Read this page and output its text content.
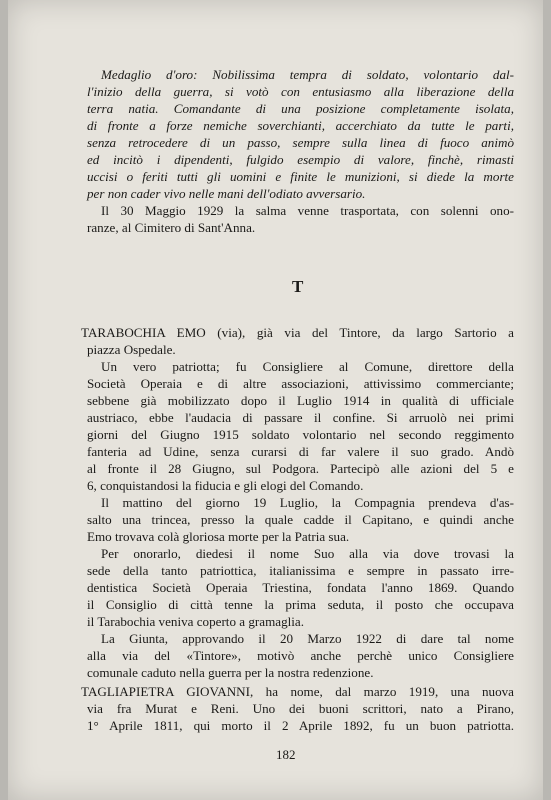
Medaglio d'oro: Nobilissima tempra di soldato, volontario dal-
l'inizio della guerra, si votò con entusiasmo alla liberazione della
terra natia. Comandante di una posizione completamente isolata,
di fronte a forze nemiche soverchianti, accerchiato da tutte le parti,
senza retrocedere di un passo, sempre sulla linea di fuoco animò
ed incitò i dipendenti, fulgido esempio di valore, finchè, rimasti
uccisi o feriti tutti gli uomini e finite le munizioni, si diede la morte
per non cader vivo nelle mani dell'odiato avversario.
Il 30 Maggio 1929 la salma venne trasportata, con solenni ono-
ranze, al Cimitero di Sant'Anna.
TARABOCHIA EMO (via), già via del Tintore, da largo Sartorio a
piazza Ospedale.
Un vero patriotta; fu Consigliere al Comune, direttore della
Società Operaia e di altre associazioni, attivissimo commerciante;
sebbene già mobilizzato dopo il Luglio 1914 in qualità di ufficiale
austriaco, ebbe l'audacia di passare il confine. Si arruolò nei primi
giorni del Giugno 1915 soldato volontario nel secondo reggimento
fanteria ad Udine, senza curarsi di far valere il suo grado. Andò
al fronte il 28 Giugno, sul Podgora. Partecipò alle azioni del 5 e
6, conquistandosi la fiducia e gli elogi del Comando.
Il mattino del giorno 19 Luglio, la Compagnia prendeva d'as-
salto una trincea, presso la quale cadde il Capitano, e quindi anche
Emo trovava colà gloriosa morte per la Patria sua.
Per onorarlo, diedesi il nome Suo alla via dove trovasi la
sede della tanto patriottica, italianissima e sempre in passato irre-
dentistica Società Operaia Triestina, fondata l'anno 1869. Quando
il Consiglio di città tenne la prima seduta, il posto che occupava
il Tarabochia veniva coperto a gramaglia.
La Giunta, approvando il 20 Marzo 1922 di dare tal nome
alla via del «Tintore», motivò anche perchè unico Consigliere
comunale caduto nella guerra per la nostra redenzione.
TAGLIAPIETRA GIOVANNI, ha nome, dal marzo 1919, una nuova
via fra Murat e Reni. Uno dei buoni scrittori, nato a Pirano,
1° Aprile 1811, qui morto il 2 Aprile 1892, fu un buon patriotta.
T
182
